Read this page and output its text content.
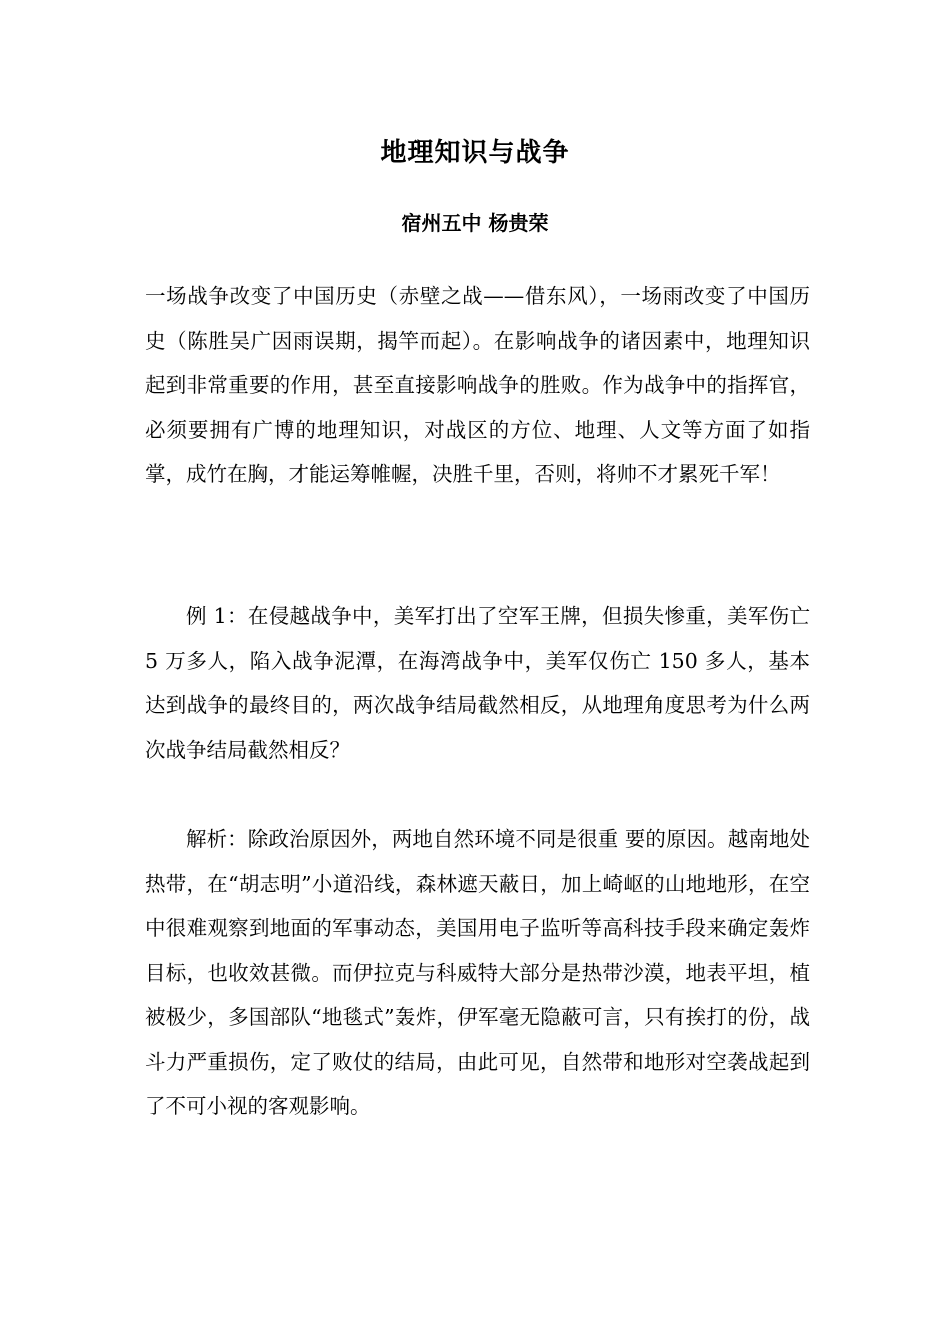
地理知识与战争
宿州五中 杨贵荣

一场战争改变了中国历史（赤壁之战——借东风），一场雨改变了中国历史（陈胜吴广因雨误期，揭竿而起）。在影响战争的诸因素中，地理知识起到非常重要的作用，甚至直接影响战争的胜败。作为战争中的指挥官，必须要拥有广博的地理知识，对战区的方位、地理、人文等方面了如指掌，成竹在胸，才能运筹帷幄，决胜千里，否则，将帅不才累死千军！

例 1：在侵越战争中，美军打出了空军王牌，但损失惨重，美军伤亡 5 万多人，陷入战争泥潭，在海湾战争中，美军仅伤亡 150 多人，基本达到战争的最终目的，两次战争结局截然相反，从地理角度思考为什么两次战争结局截然相反？

解析：除政治原因外，两地自然环境不同是很重 要的原因。越南地处热带，在“胡志明”小道沿线，森林遮天蔽日，加上崎岖的山地地形，在空中很难观察到地面的军事动态，美国用电子监听等高科技手段来确定轰炸目标，也收效甚微。而伊拉克与科威特大部分是热带沙漠，地表平坦，植被极少，多国部队“地毯式”轰炸，伊军毫无隐蔽可言，只有挨打的份，战斗力严重损伤，定了败仗的结局，由此可见，自然带和地形对空袭战起到了不可小视的客观影响。
